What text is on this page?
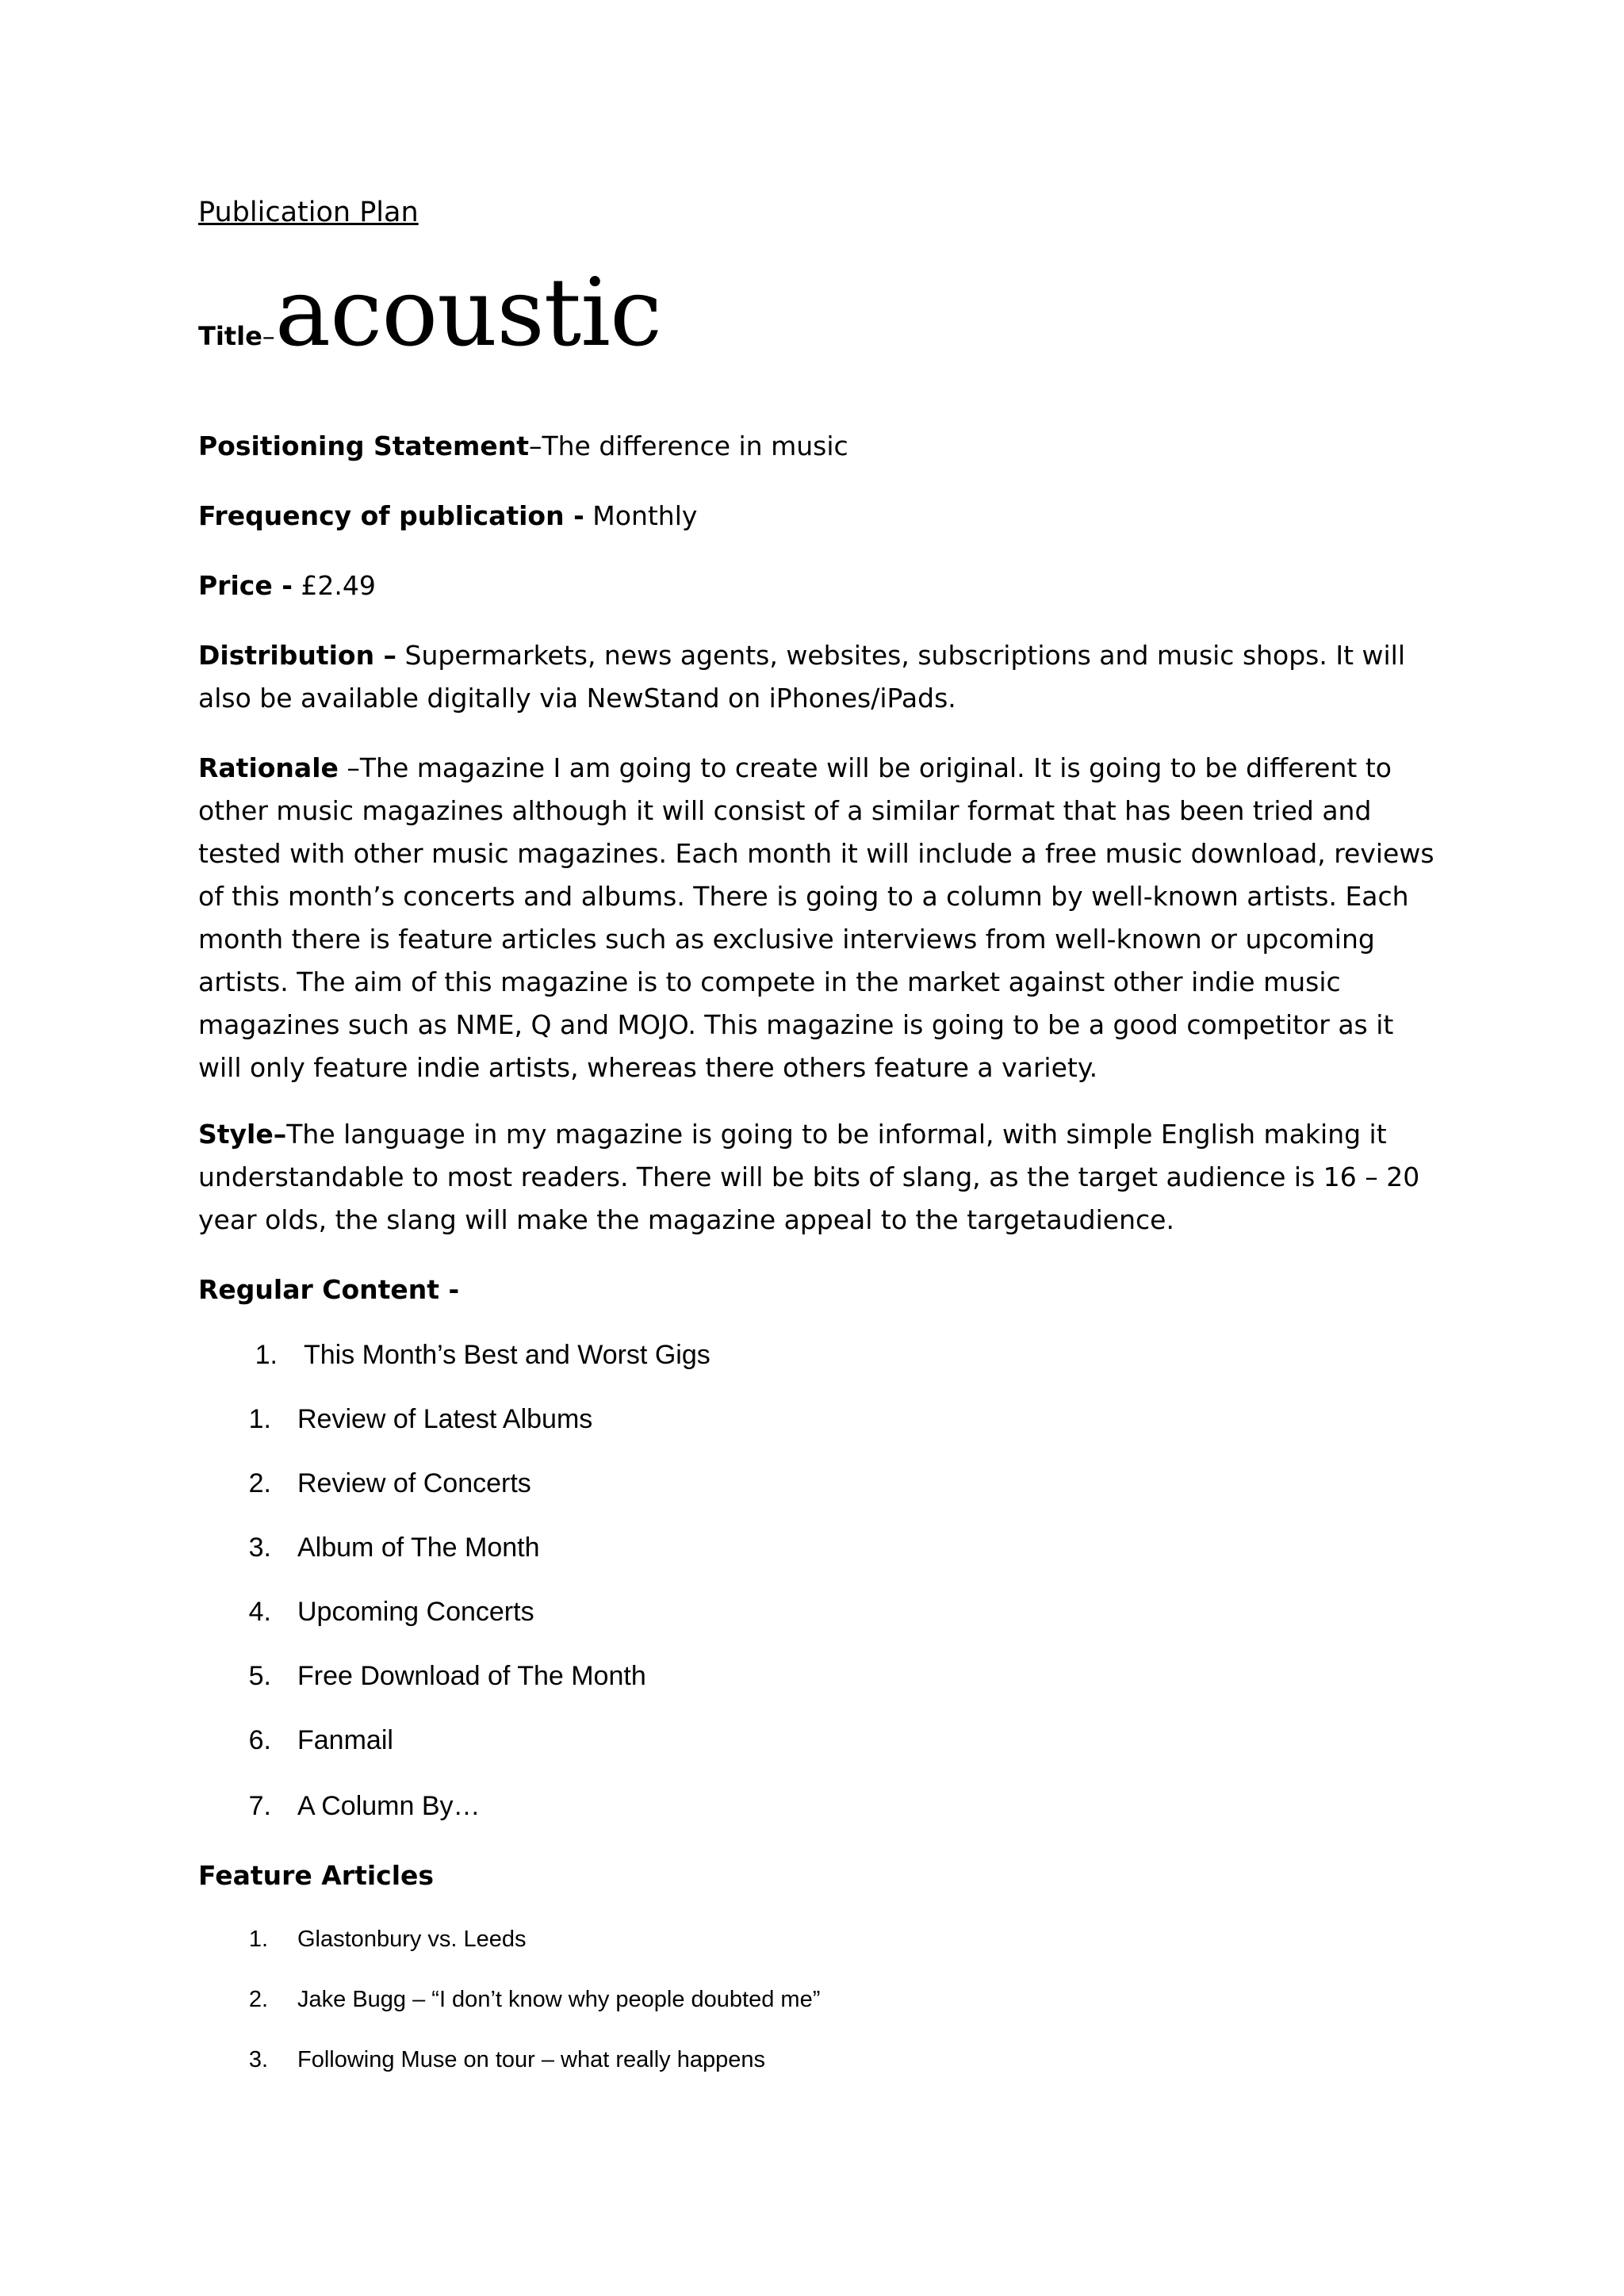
Publication Plan
Title–acoustic

Positioning Statement–The difference in music

Frequency of publication - Monthly

Price - £2.49

Distribution – Supermarkets, news agents, websites, subscriptions and music shops. It will also be available digitally via NewStand on iPhones/iPads.

Rationale –The magazine I am going to create will be original. It is going to be different to other music magazines although it will consist of a similar format that has been tried and tested with other music magazines. Each month it will include a free music download, reviews of this month’s concerts and albums. There is going to a column by well-known artists. Each month there is feature articles such as exclusive interviews from well-known or upcoming artists. The aim of this magazine is to compete in the market against other indie music magazines such as NME, Q and MOJO. This magazine is going to be a good competitor as it will only feature indie artists, whereas there others feature a variety.

Style–The language in my magazine is going to be informal, with simple English making it understandable to most readers. There will be bits of slang, as the target audience is 16 – 20 year olds, the slang will make the magazine appeal to the targetaudience.

Regular Content -

1. This Month’s Best and Worst Gigs
1. Review of Latest Albums
2. Review of Concerts
3. Album of The Month
4. Upcoming Concerts
5. Free Download of The Month
6. Fanmail
7. A Column By…

Feature Articles

1. Glastonbury vs. Leeds
2. Jake Bugg – “I don’t know why people doubted me”
3. Following Muse on tour – what really happens
